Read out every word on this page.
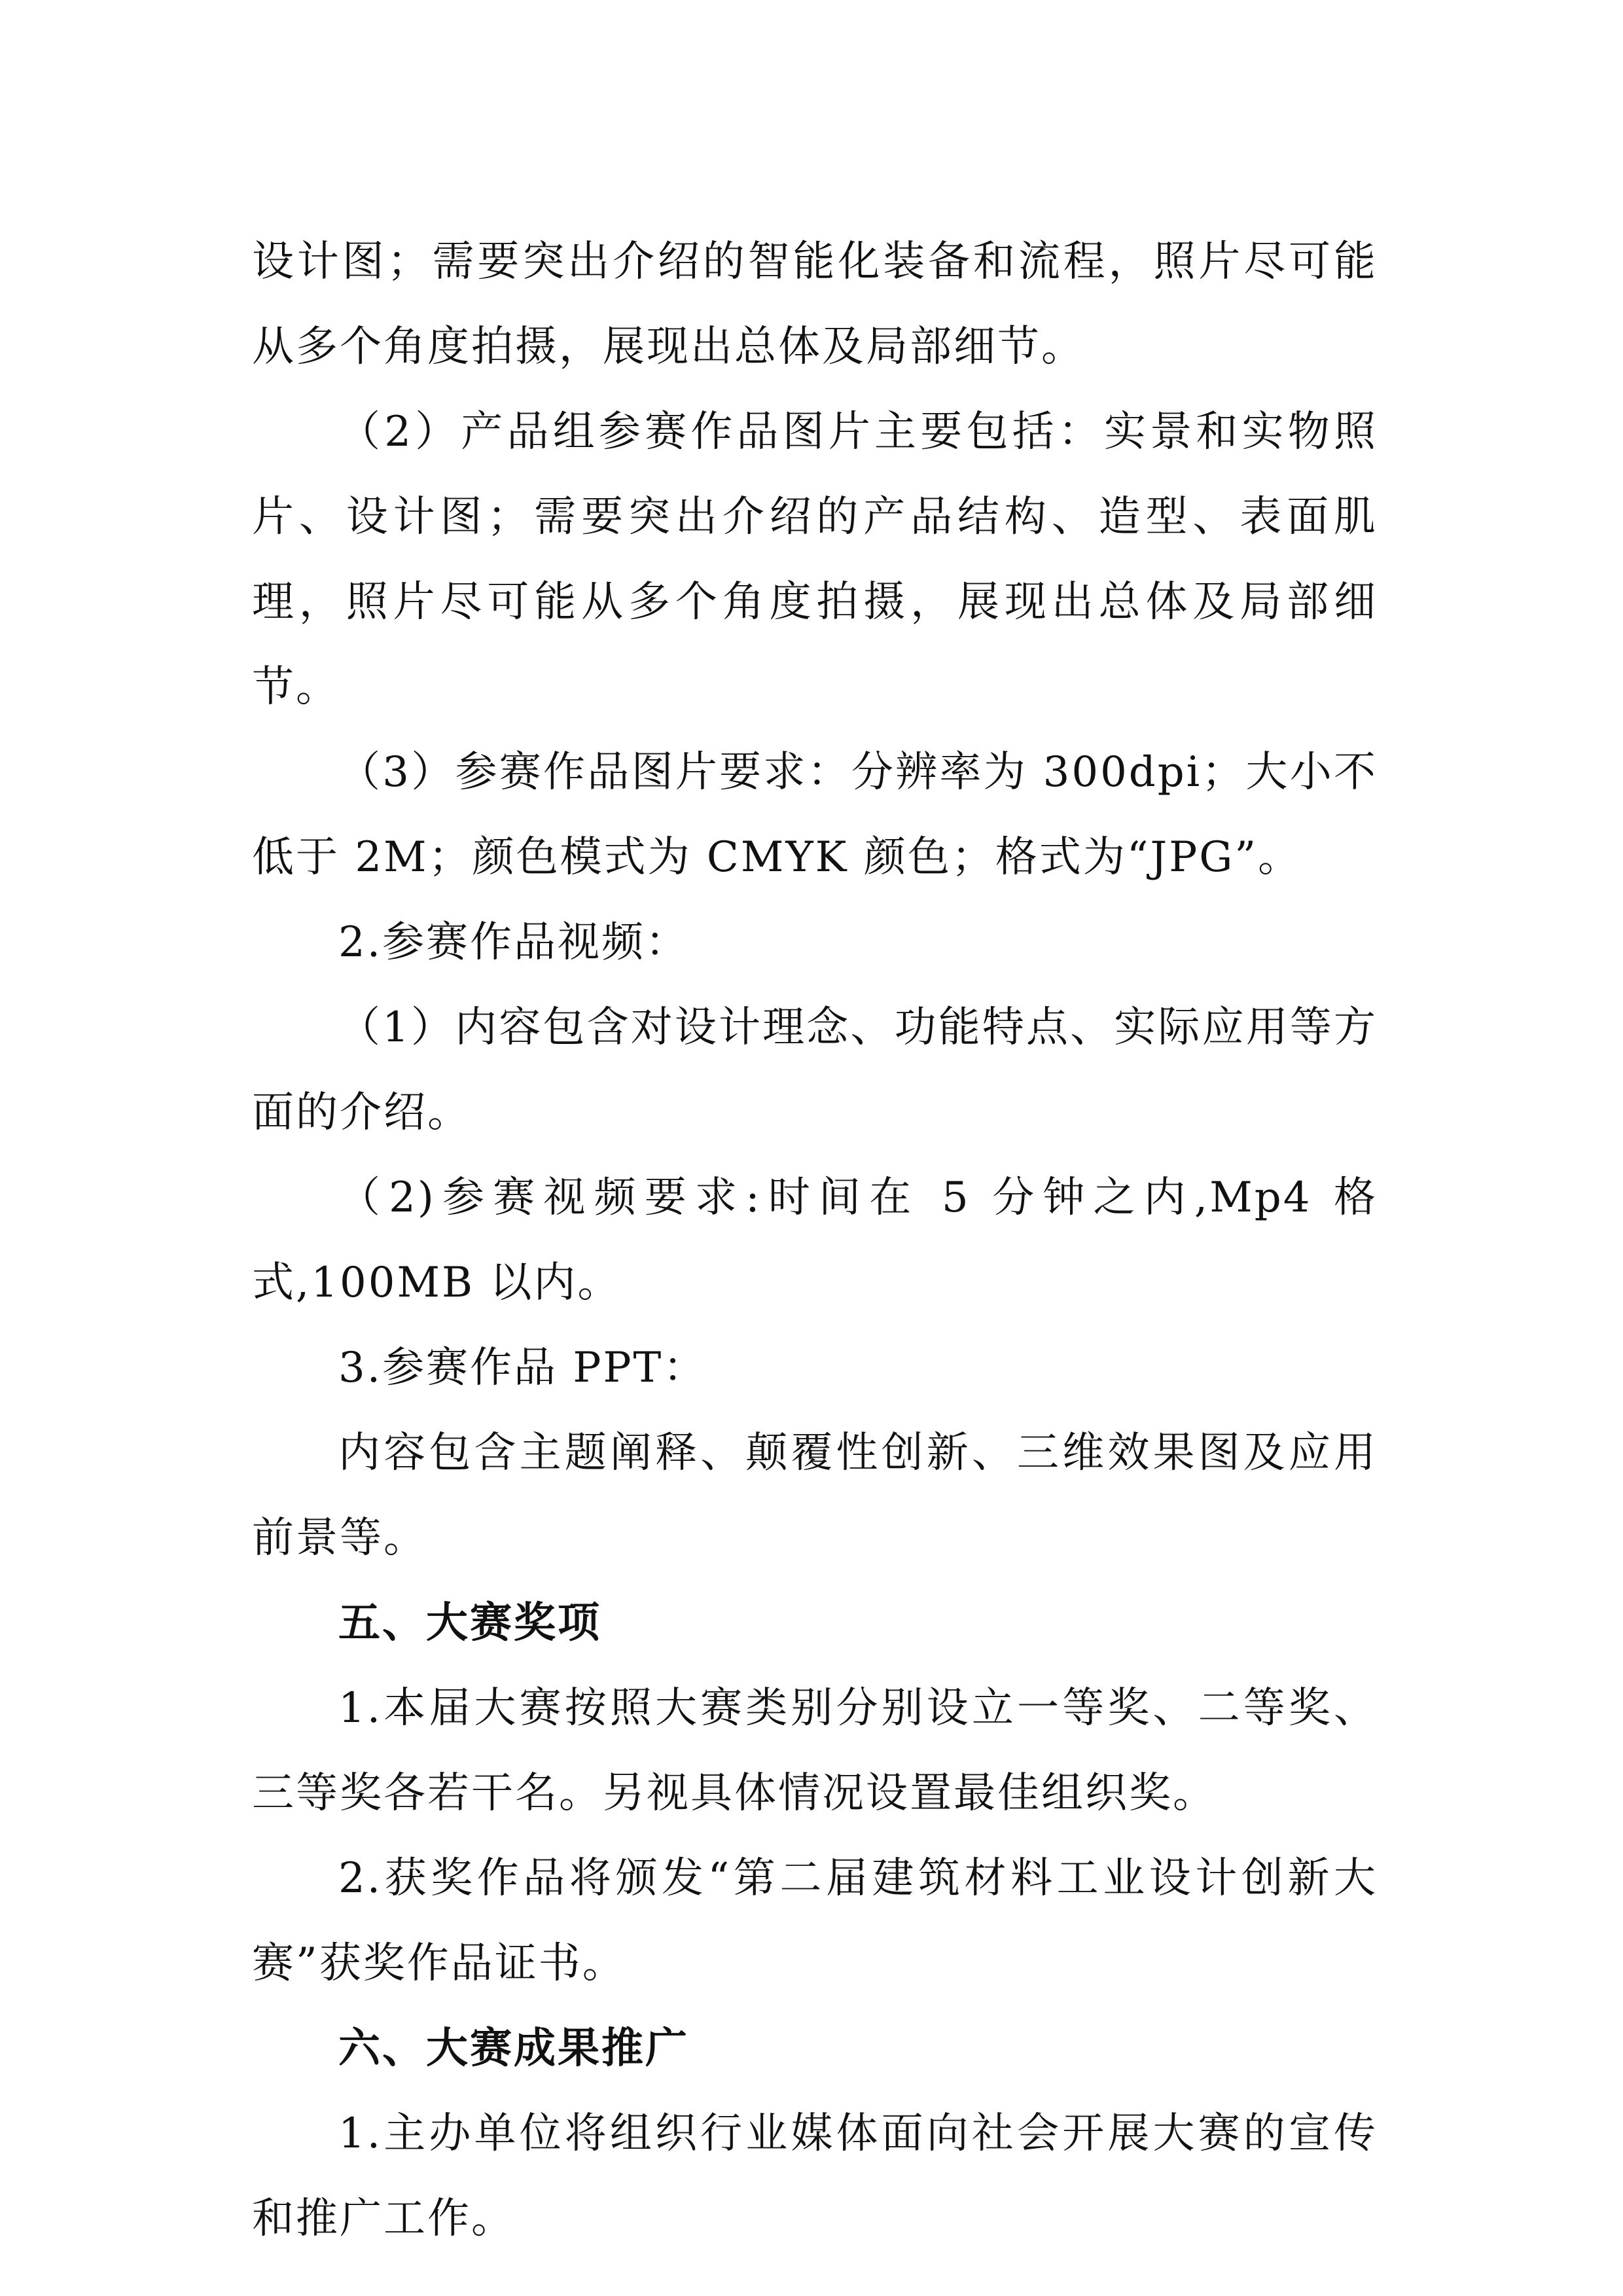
设计图；需要突出介绍的智能化装备和流程，照片尽可能从多个角度拍摄，展现出总体及局部细节。

（2）产品组参赛作品图片主要包括：实景和实物照片、设计图；需要突出介绍的产品结构、造型、表面肌理，照片尽可能从多个角度拍摄，展现出总体及局部细节。

（3）参赛作品图片要求：分辨率为 300dpi；大小不低于 2M；颜色模式为 CMYK 颜色；格式为“JPG”。

2.参赛作品视频：

（1）内容包含对设计理念、功能特点、实际应用等方面的介绍。

（2)参赛视频要求:时间在 5 分钟之内,Mp4 格式,100MB 以内。

3.参赛作品 PPT：

内容包含主题阐释、颠覆性创新、三维效果图及应用前景等。

五、大赛奖项

1.本届大赛按照大赛类别分别设立一等奖、二等奖、三等奖各若干名。另视具体情况设置最佳组织奖。

2.获奖作品将颁发“第二届建筑材料工业设计创新大赛”获奖作品证书。

六、大赛成果推广

1.主办单位将组织行业媒体面向社会开展大赛的宣传和推广工作。
